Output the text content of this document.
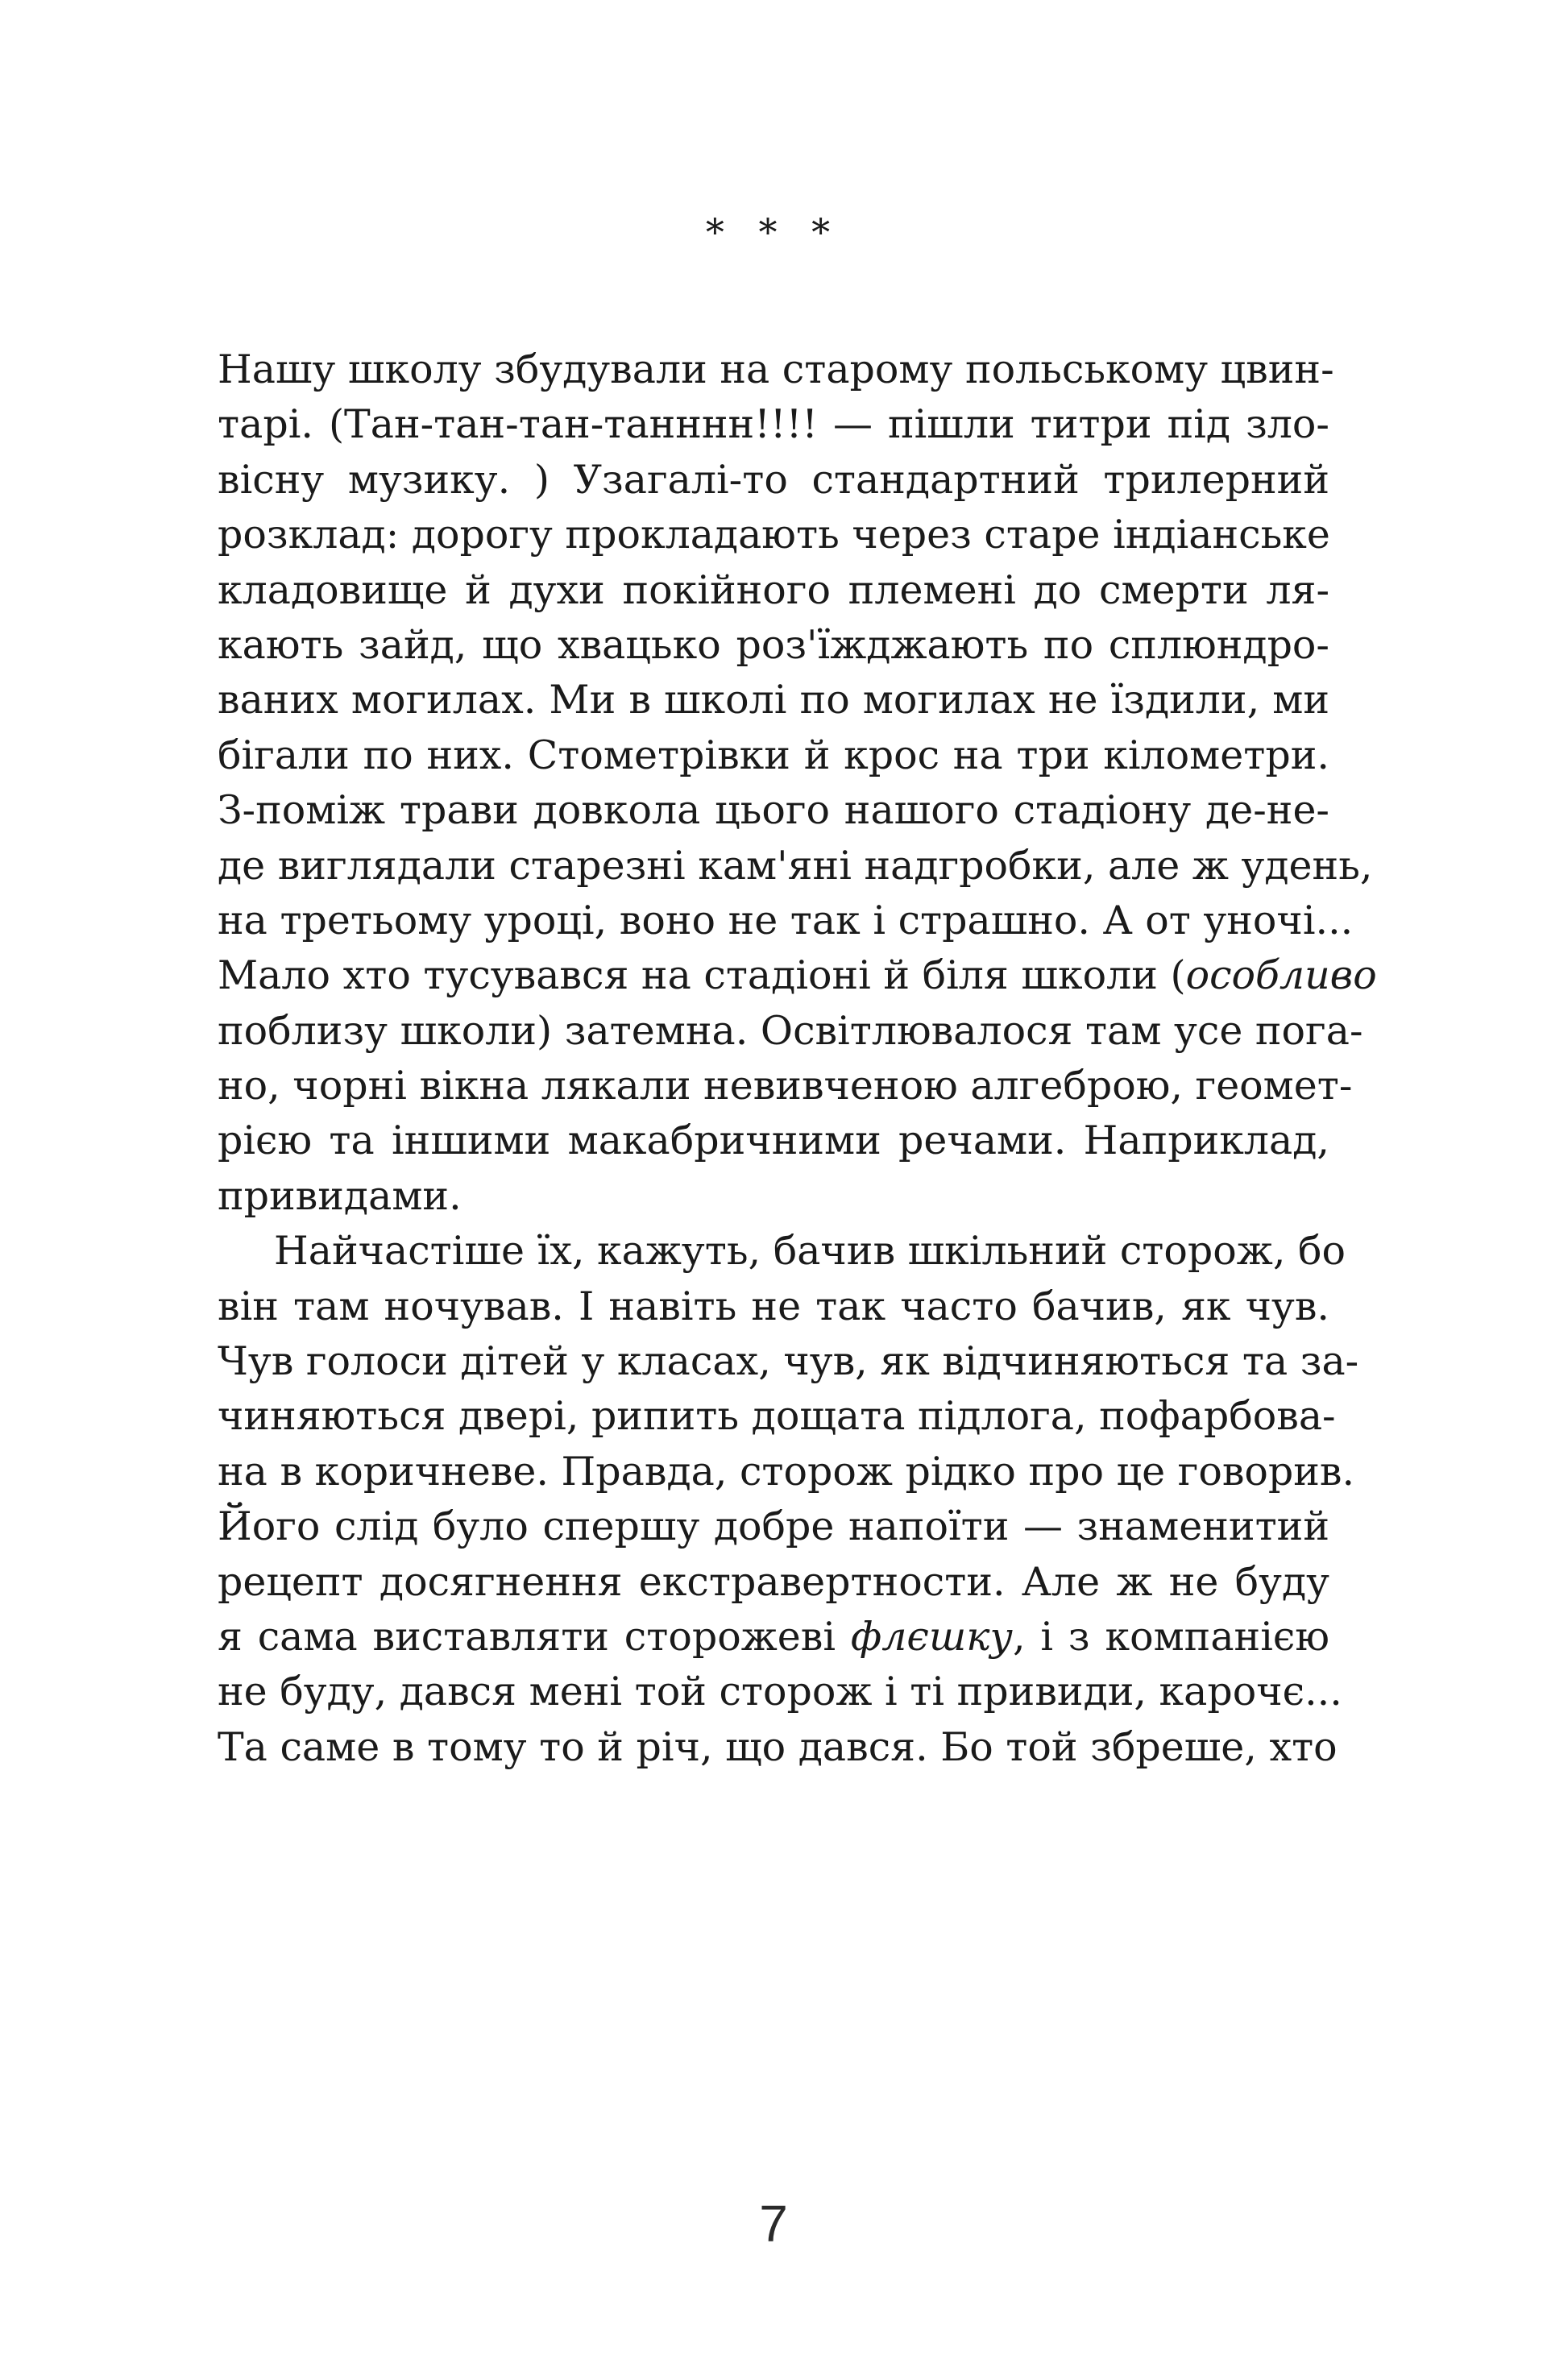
* * *
Нашу школу збудували на старому польському цвин-
тарі. (Тан-тан-тан-танннн!!!! — пішли титри під зло-
вісну музику. ) Узагалі-то стандартний трилерний
розклад: дорогу прокладають через старе індіанське
кладовище й духи покійного племені до смерти ля-
кають зайд, що хвацько роз'їжджають по сплюндро-
ваних могилах. Ми в школі по могилах не їздили, ми
бігали по них. Стометрівки й крос на три кілометри.
З-поміж трави довкола цього нашого стадіону де-не-
де виглядали старезні кам'яні надгробки, але ж удень,
на третьому уроці, воно не так і страшно. А от уночі...
Мало хто тусувався на стадіоні й біля школи (особливо
поблизу школи) затемна. Освітлювалося там усе пога-
но, чорні вікна лякали невивченою алгеброю, геомет-
рією та іншими макабричними речами. Наприклад,
привидами.
Найчастіше їх, кажуть, бачив шкільний сторож, бо
він там ночував. І навіть не так часто бачив, як чув.
Чув голоси дітей у класах, чув, як відчиняються та за-
чиняються двері, рипить дощата підлога, пофарбова-
на в коричневе. Правда, сторож рідко про це говорив.
Його слід було спершу добре напоїти — знаменитий
рецепт досягнення екстравертности. Але ж не буду
я сама виставляти сторожеві флєшку, і з компанією
не буду, дався мені той сторож і ті привиди, карочє...
Та саме в тому то й річ, що дався. Бо той збреше, хто
7
